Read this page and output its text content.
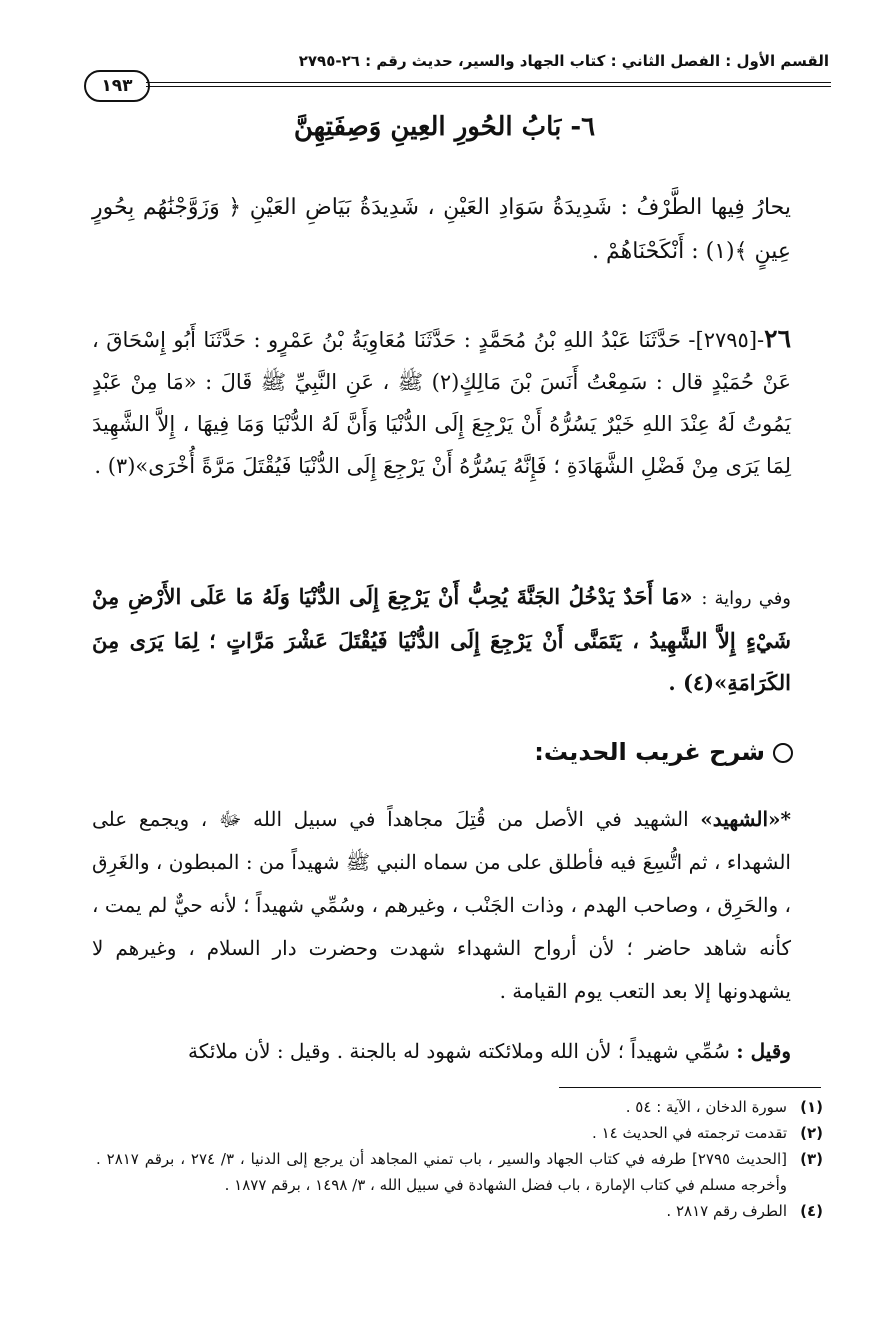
القسم الأول : الفصل الثاني : كتاب الجهاد والسير، حديث رقم : ٢٦-٢٧٩٥
١٩٣
٦- بَابُ الحُورِ العِينِ وَصِفَتِهِنَّ
يحارُ فِيها الطَّرْفُ : شَدِيدَةُ سَوَادِ العَيْنِ ، شَدِيدَةُ بَيَاضِ العَيْنِ ﴿ وَزَوَّجْنَٰهُم بِحُورٍ عِينٍ ﴾(١) : أَنْكَحْنَاهُمْ .
٢٦-[٢٧٩٥]- حَدَّثَنَا عَبْدُ اللهِ بْنُ مُحَمَّدٍ : حَدَّثَنَا مُعَاوِيَةُ بْنُ عَمْرٍو : حَدَّثَنَا أَبُو إِسْحَاقَ ، عَنْ حُمَيْدٍ قال : سَمِعْتُ أَنَسَ بْنَ مَالِكٍ(٢) ﷺ ، عَنِ النَّبِيِّ ﷺ قَالَ : «مَا مِنْ عَبْدٍ يَمُوتُ لَهُ عِنْدَ اللهِ خَيْرٌ يَسُرُّهُ أَنْ يَرْجِعَ إِلَى الدُّنْيَا وَأَنَّ لَهُ الدُّنْيَا وَمَا فِيهَا ، إِلاَّ الشَّهِيدَ لِمَا يَرَى مِنْ فَضْلِ الشَّهَادَةِ ؛ فَإِنَّهُ يَسُرُّهُ أَنْ يَرْجِعَ إِلَى الدُّنْيَا فَيُقْتَلَ مَرَّةً أُخْرَى»(٣) .
وفي رواية : «مَا أَحَدٌ يَدْخُلُ الجَنَّةَ يُحِبُّ أَنْ يَرْجِعَ إِلَى الدُّنْيَا وَلَهُ مَا عَلَى الأَرْضِ مِنْ شَيْءٍ إِلاَّ الشَّهِيدُ ، يَتَمَنَّى أَنْ يَرْجِعَ إِلَى الدُّنْيَا فَيُقْتَلَ عَشْرَ مَرَّاتٍ ؛ لِمَا يَرَى مِنَ الكَرَامَةِ»(٤) .
شرح غريب الحديث:
*«الشهيد» الشهيد في الأصل من قُتِلَ مجاهداً في سبيل الله ﷻ ، ويجمع على الشهداء ، ثم اتُّسِعَ فيه فأطلق على من سماه النبي ﷺ شهيداً من : المبطون ، والغَرِق ، والحَرِق ، وصاحب الهدم ، وذات الجَنْب ، وغيرهم ، وسُمِّي شهيداً ؛ لأنه حيٌّ لم يمت ، كأنه شاهد حاضر ؛ لأن أرواح الشهداء شهدت وحضرت دار السلام ، وغيرهم لا يشهدونها إلا بعد التعب يوم القيامة .
وقيل : سُمِّي شهيداً ؛ لأن الله وملائكته شهود له بالجنة . وقيل : لأن ملائكة
(١)
سورة الدخان ، الآية : ٥٤ .
(٢)
تقدمت ترجمته في الحديث ١٤ .
(٣)
[الحديث ٢٧٩٥] طرفه في كتاب الجهاد والسير ، باب تمني المجاهد أن يرجع إلى الدنيا ، ٣/ ٢٧٤ ، برقم ٢٨١٧ . وأخرجه مسلم في كتاب الإمارة ، باب فضل الشهادة في سبيل الله ، ٣/ ١٤٩٨ ، برقم ١٨٧٧ .
(٤)
الطرف رقم ٢٨١٧ .
